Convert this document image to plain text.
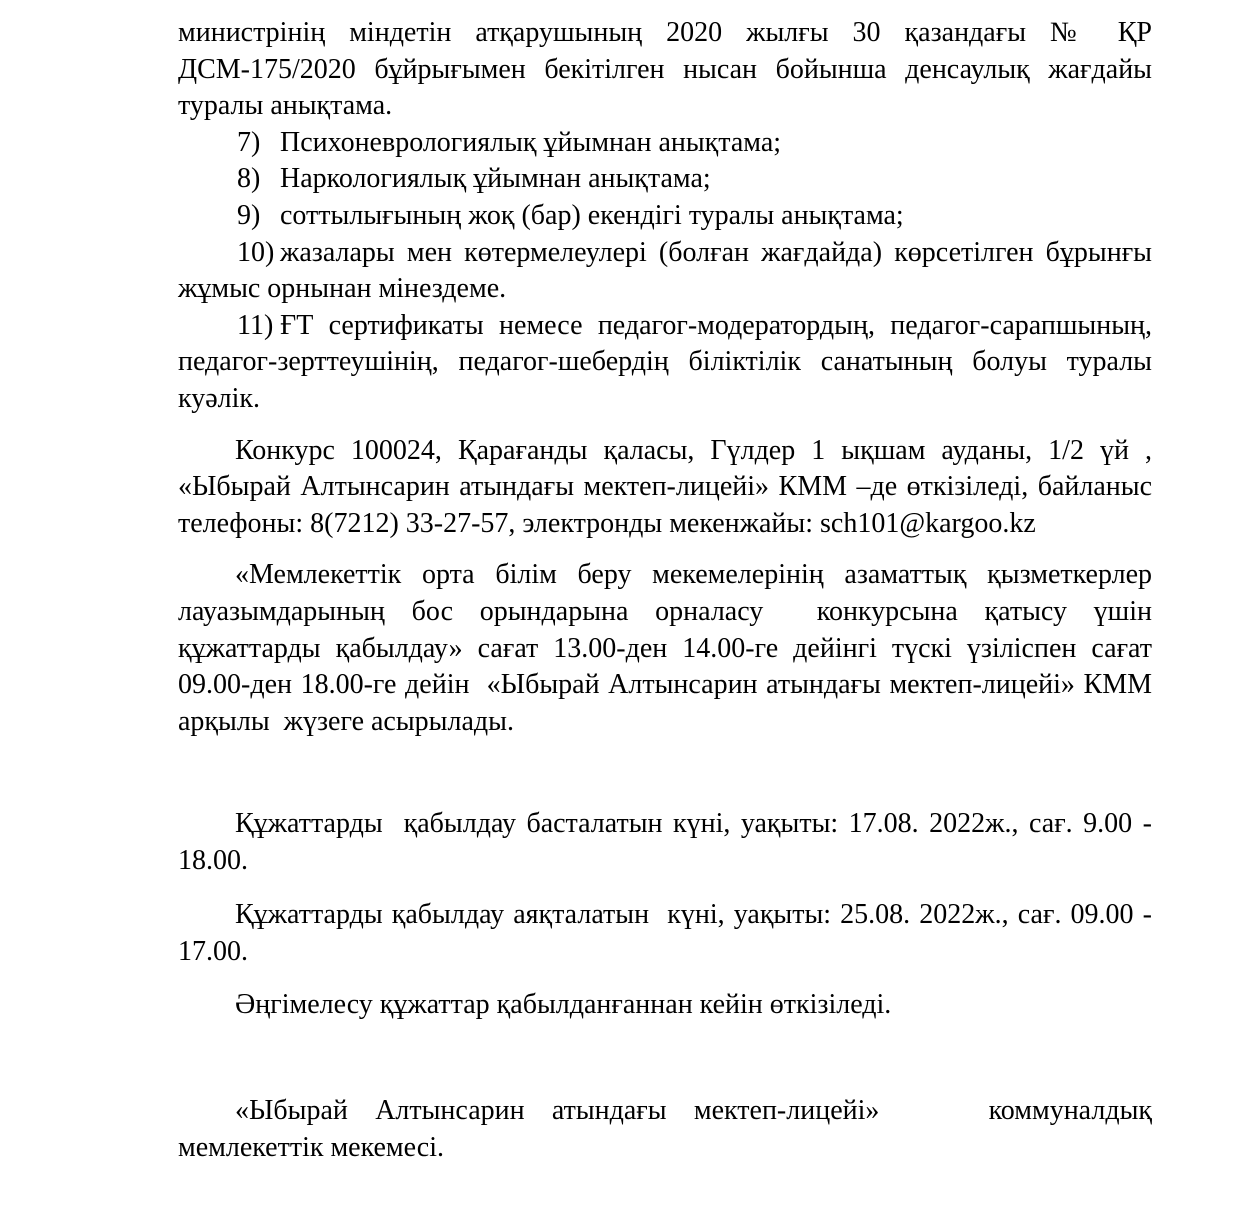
министрінің міндетін атқарушының 2020 жылғы 30 қазандағы № ҚР ДСМ-175/2020 бұйрығымен бекітілген нысан бойынша денсаулық жағдайы туралы анықтама.

7) Психоневрологиялық ұйымнан анықтама;

8) Наркологиялық ұйымнан анықтама;

9) соттылығының жоқ (бар) екендігі туралы анықтама;

10) жазалары мен көтермелеулері (болған жағдайда) көрсетілген бұрынғы жұмыс орнынан мінездеме.

11) ҒТ сертификаты немесе педагог-модератордың, педагог-сарапшының, педагог-зерттеушінің, педагог-шебердің біліктілік санатының болуы туралы куәлік.

Конкурс 100024, Қарағанды қаласы, Гүлдер 1 ықшам ауданы, 1/2 үй , «Ыбырай Алтынсарин атындағы мектеп-лицейі» КММ –де өткізіледі, байланыс телефоны: 8(7212) 33-27-57, электронды мекенжайы: sch101@kargoo.kz

«Мемлекеттік орта білім беру мекемелерінің азаматтық қызметкерлер лауазымдарының бос орындарына орналасу  конкурсына қатысу үшін құжаттарды қабылдау» сағат 13.00-ден 14.00-ге дейінгі түскі үзіліспен сағат 09.00-ден 18.00-ге дейін  «Ыбырай Алтынсарин атындағы мектеп-лицейі» КММ арқылы  жүзеге асырылады.

Құжаттарды  қабылдау басталатын күні, уақыты: 17.08. 2022ж., сағ. 9.00 - 18.00.

Құжаттарды қабылдау аяқталатын  күні, уақыты: 25.08. 2022ж., сағ. 09.00 - 17.00.

Әңгімелесу құжаттар қабылданғаннан кейін өткізіледі.

«Ыбырай Алтынсарин атындағы мектеп-лицейі»    коммуналдық мемлекеттік мекемесі.
